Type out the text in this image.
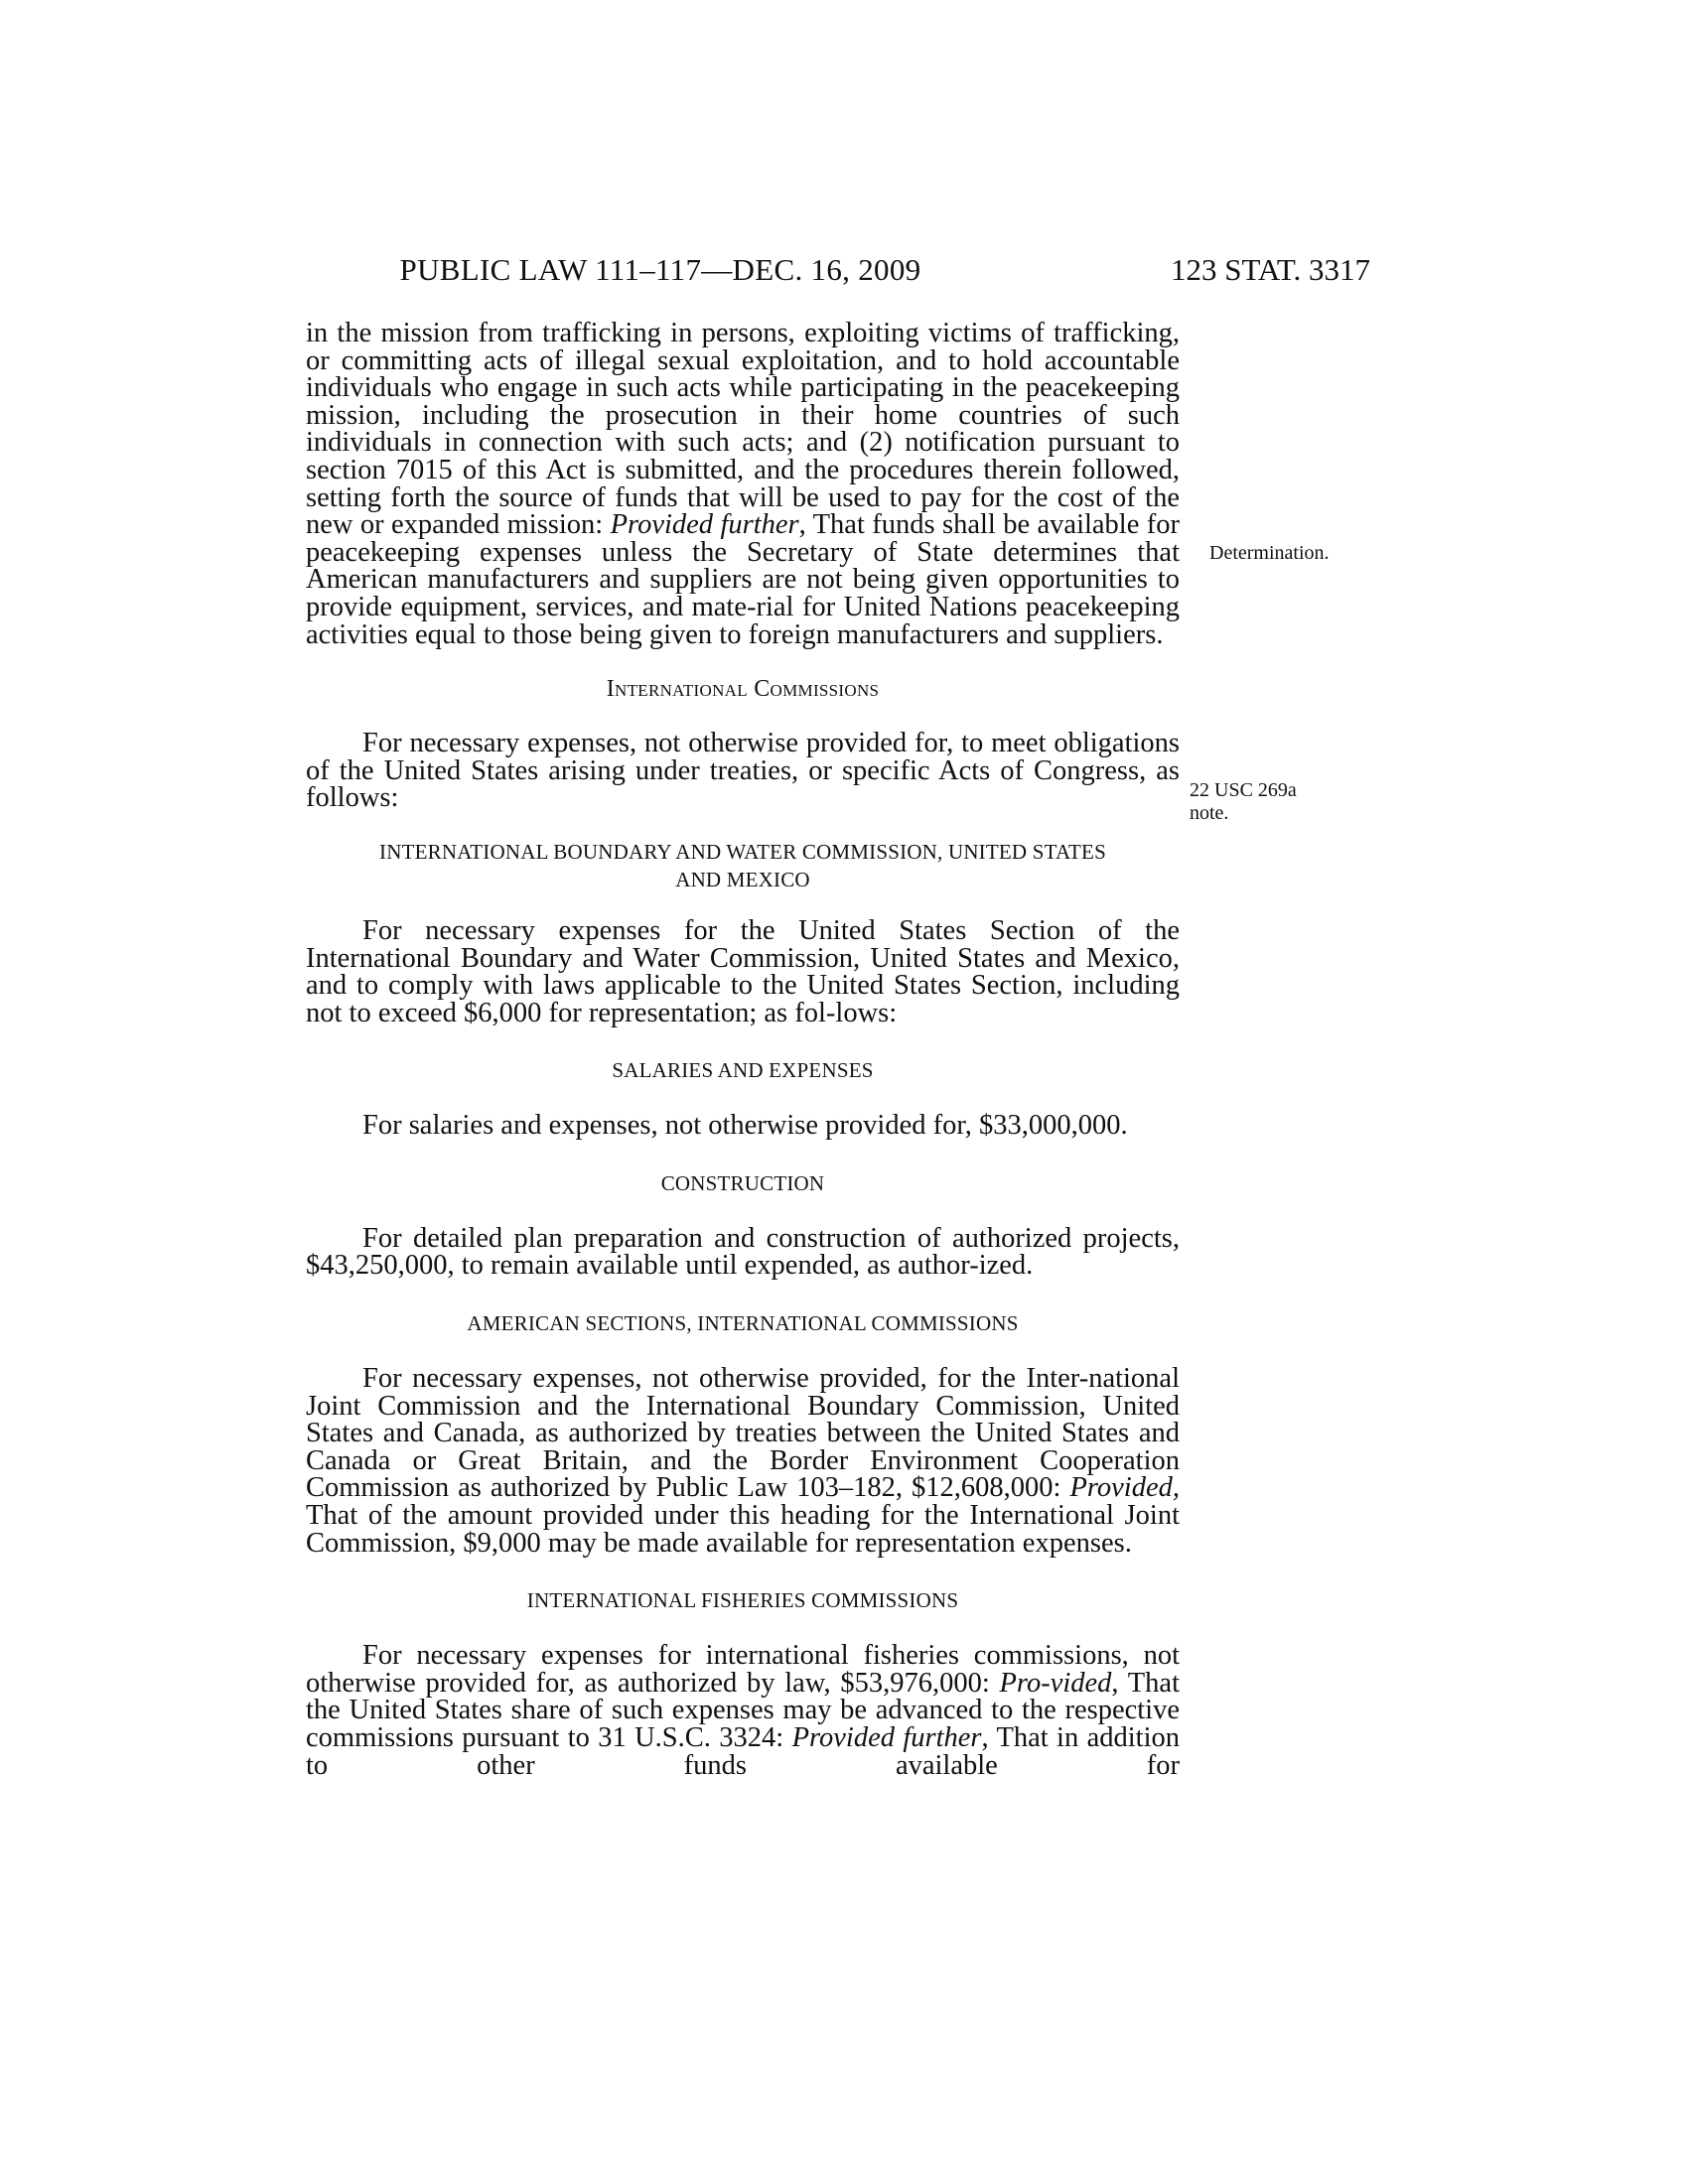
PUBLIC LAW 111–117—DEC. 16, 2009	123 STAT. 3317
Determination.
22 USC 269a
note.

in the mission from trafficking in persons, exploiting victims of trafficking, or committing acts of illegal sexual exploitation, and to hold accountable individuals who engage in such acts while participating in the peacekeeping mission, including the prosecution in their home countries of such individuals in connection with such acts; and (2) notification pursuant to section 7015 of this Act is submitted, and the procedures therein followed, setting forth the source of funds that will be used to pay for the cost of the new or expanded mission: Provided further, That funds shall be available for peacekeeping expenses unless the Secretary of State determines that American manufacturers and suppliers are not being given opportunities to provide equipment, services, and mate-rial for United Nations peacekeeping activities equal to those being given to foreign manufacturers and suppliers.

International Commissions

For necessary expenses, not otherwise provided for, to meet obligations of the United States arising under treaties, or specific Acts of Congress, as follows:

INTERNATIONAL BOUNDARY AND WATER COMMISSION, UNITED STATES
AND MEXICO

For necessary expenses for the United States Section of the International Boundary and Water Commission, United States and Mexico, and to comply with laws applicable to the United States Section, including not to exceed $6,000 for representation; as fol-lows:

SALARIES AND EXPENSES

For salaries and expenses, not otherwise provided for, $33,000,000.

CONSTRUCTION

For detailed plan preparation and construction of authorized projects, $43,250,000, to remain available until expended, as author-ized.

AMERICAN SECTIONS, INTERNATIONAL COMMISSIONS

For necessary expenses, not otherwise provided, for the Inter-national Joint Commission and the International Boundary Commission, United States and Canada, as authorized by treaties between the United States and Canada or Great Britain, and the Border Environment Cooperation Commission as authorized by Public Law 103–182, $12,608,000: Provided, That of the amount provided under this heading for the International Joint Commission, $9,000 may be made available for representation expenses.

INTERNATIONAL FISHERIES COMMISSIONS

For necessary expenses for international fisheries commissions, not otherwise provided for, as authorized by law, $53,976,000: Pro-vided, That the United States share of such expenses may be advanced to the respective commissions pursuant to 31 U.S.C. 3324: Provided further, That in addition to other funds available for
